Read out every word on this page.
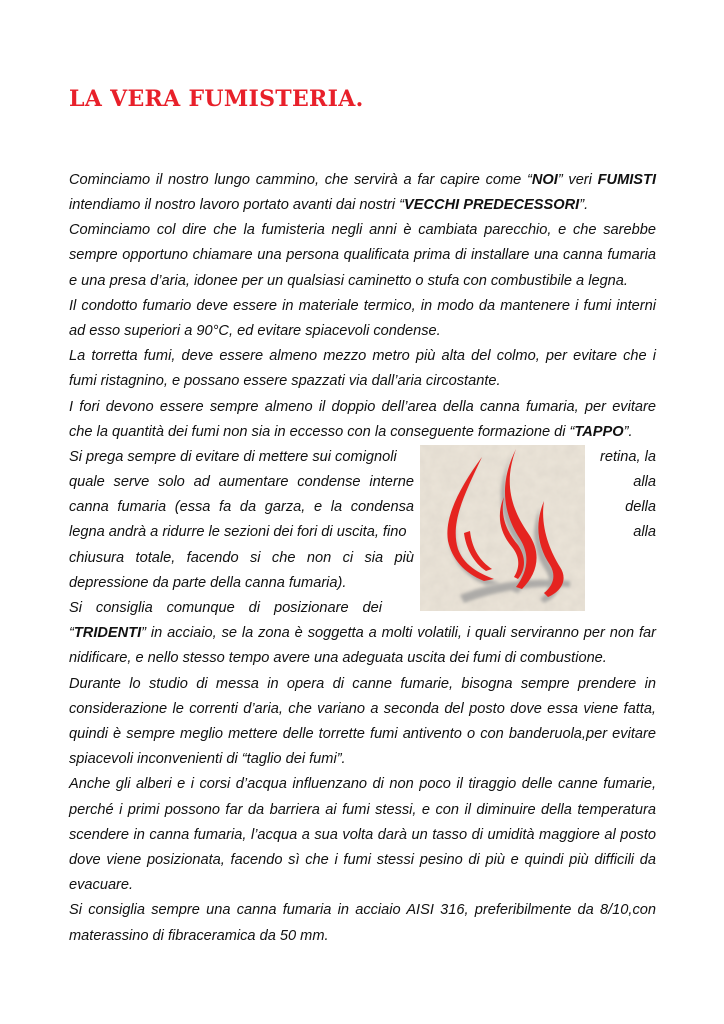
LA VERA FUMISTERIA.
Cominciamo il nostro lungo cammino, che servirà a far capire come “NOI” veri FUMISTI
intendiamo il nostro lavoro portato avanti dai nostri “VECCHI PREDECESSORI”.
Cominciamo col dire che la fumisteria negli anni è cambiata parecchio, e che sarebbe
sempre opportuno chiamare una persona qualificata prima di installare una canna fumaria
e una presa d’aria, idonee per un qualsiasi caminetto o stufa con combustibile a legna.
Il condotto fumario deve essere in materiale termico, in modo da mantenere i fumi interni
ad esso superiori a 90°C, ed evitare spiacevoli condense.
La torretta fumi, deve essere almeno mezzo metro più alta del colmo, per evitare che i
fumi ristagnino, e possano essere spazzati via dall’aria circostante.
I fori devono essere sempre almeno il doppio dell’area della canna fumaria, per evitare
che la quantità dei fumi non sia in eccesso con la conseguente formazione di “TAPPO”.
Si prega sempre di evitare di mettere sui comignoli	retina, la
quale serve solo ad aumentare condense interne	alla
canna fumaria (essa fa da garza, e la condensa	della
legna andrà a ridurre le sezioni dei fori di uscita, fino	alla
chiusura totale, facendo si che non ci sia più
depressione da parte della canna fumaria).
Si consiglia comunque di posizionare dei
“TRIDENTI” in acciaio, se la zona è soggetta a molti volatili, i quali serviranno per non far
nidificare, e nello stesso tempo avere una adeguata uscita dei fumi di combustione.
Durante lo studio di messa in opera di canne fumarie, bisogna sempre prendere in
considerazione le correnti d’aria, che variano a seconda del posto dove essa viene fatta,
quindi è sempre meglio mettere delle torrette fumi antivento o con banderuola,per evitare
spiacevoli inconvenienti di “taglio dei fumi”.
Anche gli alberi e i corsi d’acqua influenzano di non poco il tiraggio delle canne fumarie,
perché i primi possono far da barriera ai fumi stessi, e con il diminuire della temperatura
scendere in canna fumaria, l’acqua a sua volta darà un tasso di umidità maggiore al posto
dove viene posizionata, facendo sì che i fumi stessi pesino di più e quindi più difficili da
evacuare.
Si consiglia sempre una canna fumaria in acciaio AISI 316, preferibilmente da 8/10,con
materassino di fibraceramica da 50 mm.
